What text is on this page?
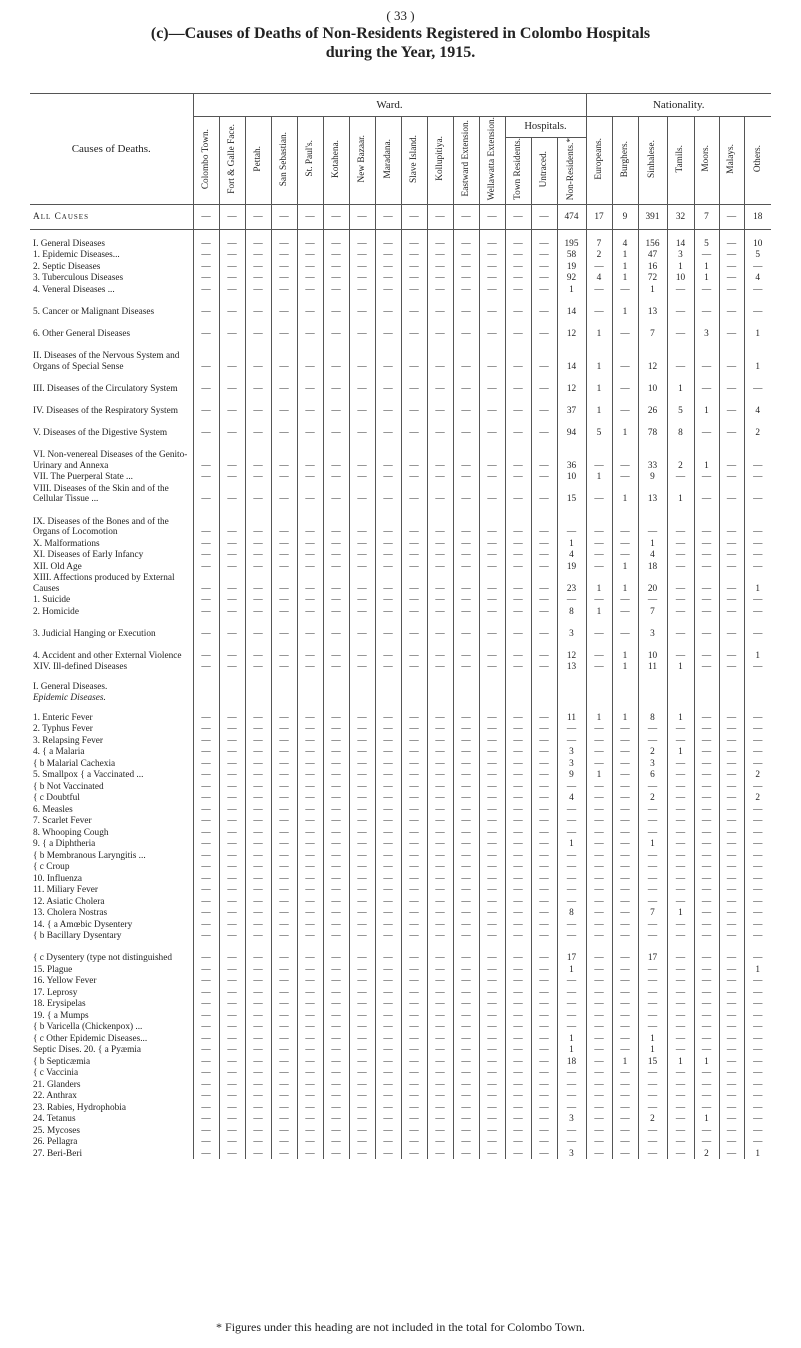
( 33 )
(c)—Causes of Deaths of Non-Residents Registered in Colombo Hospitals
during the Year, 1915.
Causes of Deaths.	Ward.															Nationality.						
	Colombo Town.	Fort & Galle Face.	Pettah.	San Sebastian.	St. Paul's.	Kotahena.	New Bazaar.	Maradana.	Slave Island.	Kollupitiya.	Eastward Extension.	Wellawatta Extension.	Hospitals.			Europeans.	Burghers.	Sinhalese.	Tamils.	Moors.	Malays.	Others.
													Town Residents.	Untraced.	Non-Residents.*							
All Causes	—	—	—	—	—	—	—	—	—	—	—	—	—	—	474	17	9	391	32	7	—	18

I. General Diseases	—	—	—	—	—	—	—	—	—	—	—	—	—	—	195	7	4	156	14	5	—	10
1. Epidemic Diseases...	—	—	—	—	—	—	—	—	—	—	—	—	—	—	58	2	1	47	3	—	—	5
2. Septic Diseases	—	—	—	—	—	—	—	—	—	—	—	—	—	—	19	—	1	16	1	1	—	—
3. Tuberculous Diseases	—	—	—	—	—	—	—	—	—	—	—	—	—	—	92	4	1	72	10	1	—	4
4. Veneral Diseases ...	—	—	—	—	—	—	—	—	—	—	—	—	—	—	1	—	—	1	—	—	—	—
5. Cancer or Malignant Diseases	—	—	—	—	—	—	—	—	—	—	—	—	—	—	14	—	1	13	—	—	—	—
6. Other General Diseases	—	—	—	—	—	—	—	—	—	—	—	—	—	—	12	1	—	7	—	3	—	1
II. Diseases of the Nervous System and Organs of Special Sense	—	—	—	—	—	—	—	—	—	—	—	—	—	—	14	1	—	12	—	—	—	1
III. Diseases of the Circulatory System	—	—	—	—	—	—	—	—	—	—	—	—	—	—	12	1	—	10	1	—	—	—
IV. Diseases of the Respiratory System	—	—	—	—	—	—	—	—	—	—	—	—	—	—	37	1	—	26	5	1	—	4
V. Diseases of the Digestive System	—	—	—	—	—	—	—	—	—	—	—	—	—	—	94	5	1	78	8	—	—	2
VI. Non-venereal Diseases of the Genito-Urinary and Annexa	—	—	—	—	—	—	—	—	—	—	—	—	—	—	36	—	—	33	2	1	—	—
VII. The Puerperal State ...	—	—	—	—	—	—	—	—	—	—	—	—	—	—	10	1	—	9	—	—	—	—
VIII. Diseases of the Skin and of the Cellular Tissue ...	—	—	—	—	—	—	—	—	—	—	—	—	—	—	15	—	1	13	1	—	—	—
IX. Diseases of the Bones and of the Organs of Locomotion	—	—	—	—	—	—	—	—	—	—	—	—	—	—	—	—	—	—	—	—	—	—
X. Malformations	—	—	—	—	—	—	—	—	—	—	—	—	—	—	1	—	—	1	—	—	—	—
XI. Diseases of Early Infancy	—	—	—	—	—	—	—	—	—	—	—	—	—	—	4	—	—	4	—	—	—	—
XII. Old Age	—	—	—	—	—	—	—	—	—	—	—	—	—	—	19	—	1	18	—	—	—	—
XIII. Affections produced by External Causes	—	—	—	—	—	—	—	—	—	—	—	—	—	—	23	1	1	20	—	—	—	1
1. Suicide	—	—	—	—	—	—	—	—	—	—	—	—	—	—	—	—	—	—	—	—	—	—
2. Homicide	—	—	—	—	—	—	—	—	—	—	—	—	—	—	8	1	—	7	—	—	—	—
3. Judicial Hanging or Execution	—	—	—	—	—	—	—	—	—	—	—	—	—	—	3	—	—	3	—	—	—	—
4. Accident and other External Violence	—	—	—	—	—	—	—	—	—	—	—	—	—	—	12	—	1	10	—	—	—	1
XIV. Ill-defined Diseases	—	—	—	—	—	—	—	—	—	—	—	—	—	—	13	—	1	11	1	—	—	—

I. General Diseases.																						
Epidemic Diseases.																						

1. Enteric Fever	—	—	—	—	—	—	—	—	—	—	—	—	—	—	11	1	1	8	1	—	—	—
2. Typhus Fever	—	—	—	—	—	—	—	—	—	—	—	—	—	—	—	—	—	—	—	—	—	—
3. Relapsing Fever	—	—	—	—	—	—	—	—	—	—	—	—	—	—	—	—	—	—	—	—	—	—
4. { a Malaria	—	—	—	—	—	—	—	—	—	—	—	—	—	—	3	—	—	2	1	—	—	—
{ b Malarial Cachexia	—	—	—	—	—	—	—	—	—	—	—	—	—	—	3	—	—	3	—	—	—	—
5. Smallpox { a Vaccinated ...	—	—	—	—	—	—	—	—	—	—	—	—	—	—	9	1	—	6	—	—	—	2
{ b Not Vaccinated	—	—	—	—	—	—	—	—	—	—	—	—	—	—	—	—	—	—	—	—	—	—
{ c Doubtful	—	—	—	—	—	—	—	—	—	—	—	—	—	—	4	—	—	2	—	—	—	2
6. Measles	—	—	—	—	—	—	—	—	—	—	—	—	—	—	—	—	—	—	—	—	—	—
7. Scarlet Fever	—	—	—	—	—	—	—	—	—	—	—	—	—	—	—	—	—	—	—	—	—	—
8. Whooping Cough	—	—	—	—	—	—	—	—	—	—	—	—	—	—	—	—	—	—	—	—	—	—
9. { a Diphtheria	—	—	—	—	—	—	—	—	—	—	—	—	—	—	1	—	—	1	—	—	—	—
{ b Membranous Laryngitis ...	—	—	—	—	—	—	—	—	—	—	—	—	—	—	—	—	—	—	—	—	—	—
{ c Croup	—	—	—	—	—	—	—	—	—	—	—	—	—	—	—	—	—	—	—	—	—	—
10. Influenza	—	—	—	—	—	—	—	—	—	—	—	—	—	—	—	—	—	—	—	—	—	—
11. Miliary Fever	—	—	—	—	—	—	—	—	—	—	—	—	—	—	—	—	—	—	—	—	—	—
12. Asiatic Cholera	—	—	—	—	—	—	—	—	—	—	—	—	—	—	—	—	—	—	—	—	—	—
13. Cholera Nostras	—	—	—	—	—	—	—	—	—	—	—	—	—	—	8	—	—	7	1	—	—	—
14. { a Amœbic Dysentery	—	—	—	—	—	—	—	—	—	—	—	—	—	—	—	—	—	—	—	—	—	—
{ b Bacillary Dysentary	—	—	—	—	—	—	—	—	—	—	—	—	—	—	—	—	—	—	—	—	—	—
{ c Dysentery (type not distinguished	—	—	—	—	—	—	—	—	—	—	—	—	—	—	17	—	—	17	—	—	—	—
15. Plague	—	—	—	—	—	—	—	—	—	—	—	—	—	—	1	—	—	—	—	—	—	1
16. Yellow Fever	—	—	—	—	—	—	—	—	—	—	—	—	—	—	—	—	—	—	—	—	—	—
17. Leprosy	—	—	—	—	—	—	—	—	—	—	—	—	—	—	—	—	—	—	—	—	—	—
18. Erysipelas	—	—	—	—	—	—	—	—	—	—	—	—	—	—	—	—	—	—	—	—	—	—
19. { a Mumps	—	—	—	—	—	—	—	—	—	—	—	—	—	—	—	—	—	—	—	—	—	—
{ b Varicella (Chickenpox) ...	—	—	—	—	—	—	—	—	—	—	—	—	—	—	—	—	—	—	—	—	—	—
{ c Other Epidemic Diseases...	—	—	—	—	—	—	—	—	—	—	—	—	—	—	1	—	—	1	—	—	—	—
Septic Dises. 20. { a Pyæmia	—	—	—	—	—	—	—	—	—	—	—	—	—	—	1	—	—	1	—	—	—	—
{ b Septicæmia	—	—	—	—	—	—	—	—	—	—	—	—	—	—	18	—	1	15	1	1	—	—
{ c Vaccinia	—	—	—	—	—	—	—	—	—	—	—	—	—	—	—	—	—	—	—	—	—	—
21. Glanders	—	—	—	—	—	—	—	—	—	—	—	—	—	—	—	—	—	—	—	—	—	—
22. Anthrax	—	—	—	—	—	—	—	—	—	—	—	—	—	—	—	—	—	—	—	—	—	—
23. Rabies, Hydrophobia	—	—	—	—	—	—	—	—	—	—	—	—	—	—	—	—	—	—	—	—	—	—
24. Tetanus	—	—	—	—	—	—	—	—	—	—	—	—	—	—	3	—	—	2	—	1	—	—
25. Mycoses	—	—	—	—	—	—	—	—	—	—	—	—	—	—	—	—	—	—	—	—	—	—
26. Pellagra	—	—	—	—	—	—	—	—	—	—	—	—	—	—	—	—	—	—	—	—	—	—
27. Beri-Beri	—	—	—	—	—	—	—	—	—	—	—	—	—	—	3	—	—	—	—	2	—	1
* Figures under this heading are not included in the total for Colombo Town.
